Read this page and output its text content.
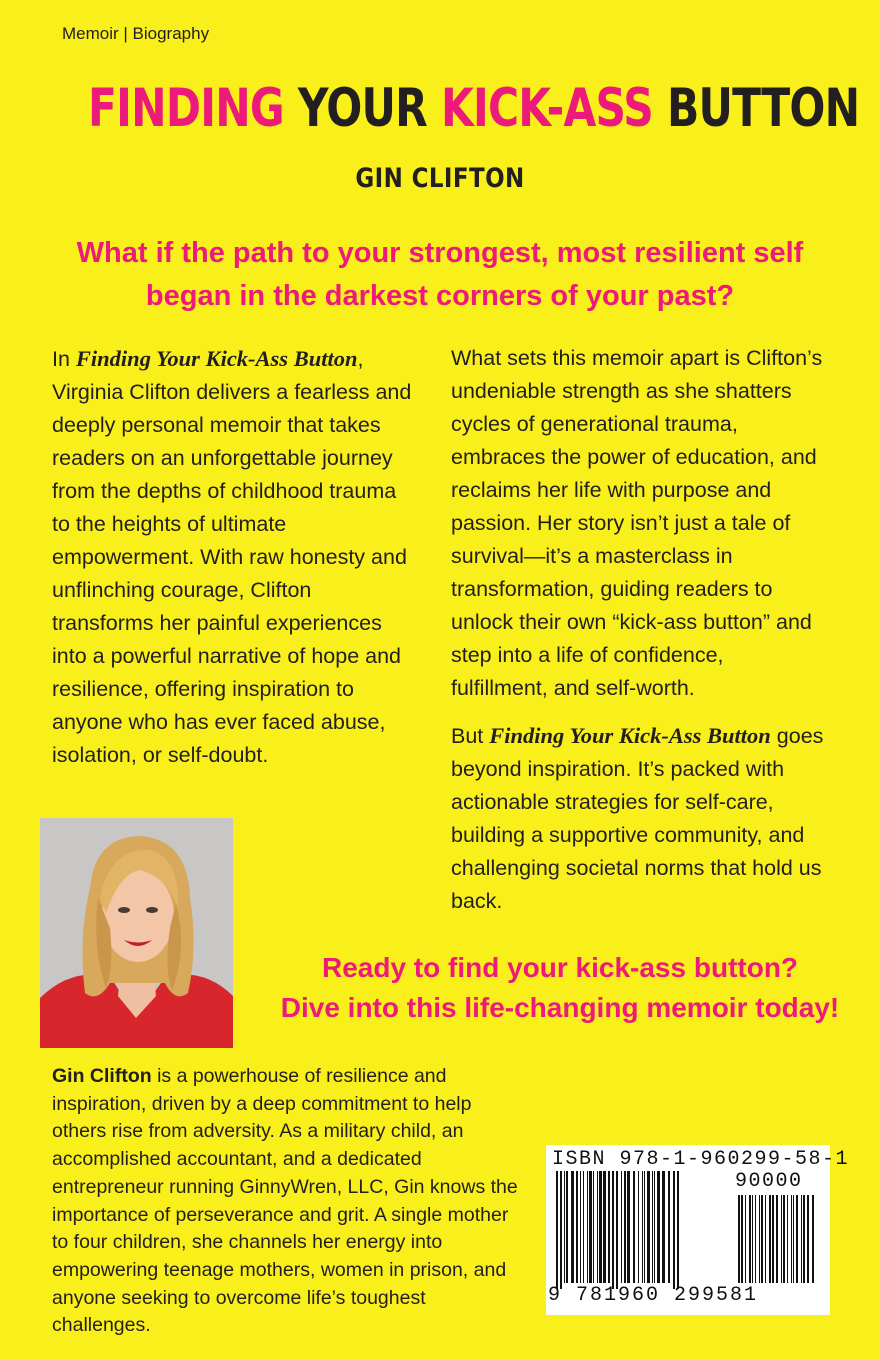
Memoir | Biography
FINDING YOUR KICK-ASS BUTTON
GIN CLIFTON
What if the path to your strongest, most resilient self
began in the darkest corners of your past?

In Finding Your Kick-Ass Button, Virginia Clifton delivers a fearless and deeply personal memoir that takes readers on an unforgettable journey from the depths of childhood trauma to the heights of ultimate empowerment. With raw honesty and unflinching courage, Clifton transforms her painful experiences into a powerful narrative of hope and resilience, offering inspiration to anyone who has ever faced abuse, isolation, or self-doubt.

What sets this memoir apart is Clifton’s undeniable strength as she shatters cycles of generational trauma, embraces the power of education, and reclaims her life with purpose and passion. Her story isn’t just a tale of survival—it’s a masterclass in transformation, guiding readers to unlock their own “kick-ass button” and step into a life of confidence, fulfillment, and self-worth.

But Finding Your Kick-Ass Button goes beyond inspiration. It’s packed with actionable strategies for self-care, building a supportive community, and challenging societal norms that hold us back.

Ready to find your kick-ass button?
Dive into this life-changing memoir today!
Gin Clifton is a powerhouse of resilience and inspiration, driven by a deep commitment to help others rise from adversity. As a military child, an accomplished accountant, and a dedicated entrepreneur running GinnyWren, LLC, Gin knows the importance of perseverance and grit. A single mother to four children, she channels her energy into empowering teenage mothers, women in prison, and anyone seeking to overcome life’s toughest challenges.
ISBN 978-1-960299-58-1
90000
9 781960 299581
